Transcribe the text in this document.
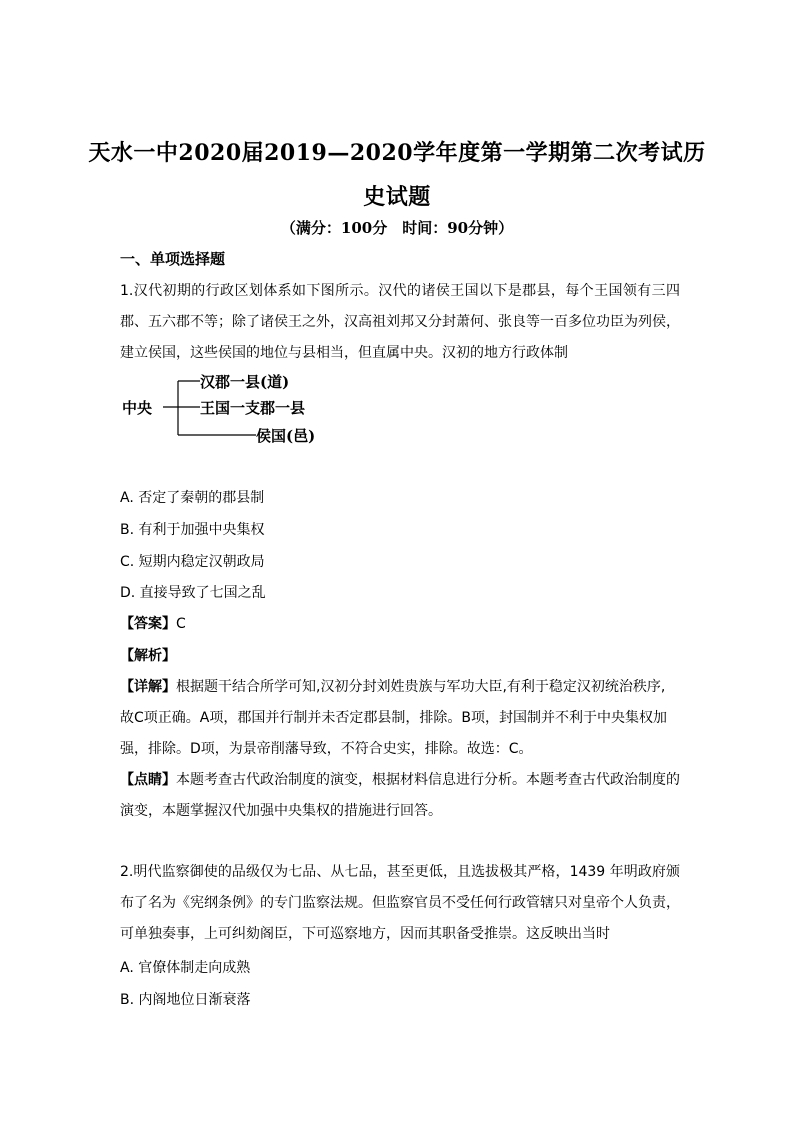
天水一中2020届2019—2020学年度第一学期第二次考试历
史试题
（满分：100分　时间：90分钟）
一、单项选择题
1.汉代初期的行政区划体系如下图所示。汉代的诸侯王国以下是郡县，每个王国领有三四郡、五六郡不等；除了诸侯王之外，汉高祖刘邦又分封萧何、张良等一百多位功臣为列侯，建立侯国，这些侯国的地位与县相当，但直属中央。汉初的地方行政体制
中央
汉郡一县(道)
王国一支郡一县
侯国(邑)
A. 否定了秦朝的郡县制
B. 有利于加强中央集权
C. 短期内稳定汉朝政局
D. 直接导致了七国之乱
【答案】C
【解析】
【详解】根据题干结合所学可知,汉初分封刘姓贵族与军功大臣,有利于稳定汉初统治秩序,
故C项正确。A项，郡国并行制并未否定郡县制，排除。B项，封国制并不利于中央集权加
强，排除。D项，为景帝削藩导致，不符合史实，排除。故选：C。
【点睛】本题考查古代政治制度的演变，根据材料信息进行分析。本题考查古代政治制度的
演变，本题掌握汉代加强中央集权的措施进行回答。
2.明代监察御使的品级仅为七品、从七品，甚至更低，且选拔极其严格，1439 年明政府颁布了名为《宪纲条例》的专门监察法规。但监察官员不受任何行政管辖只对皇帝个人负责，可单独奏事，上可纠劾阁臣，下可巡察地方，因而其职备受推崇。这反映出当时
A. 官僚体制走向成熟
B. 内阁地位日渐衰落
